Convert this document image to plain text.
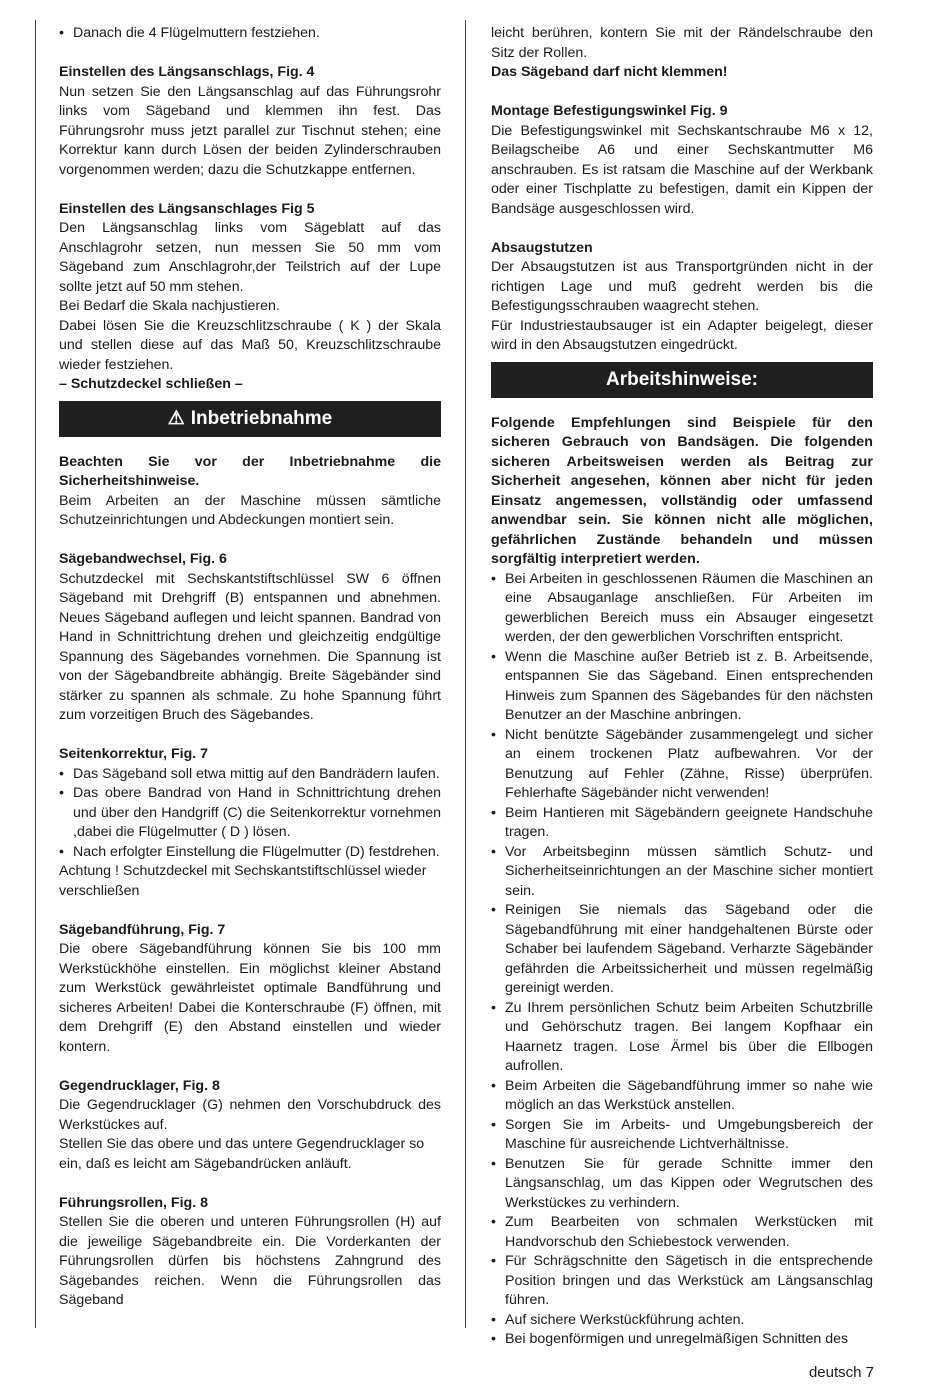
• Danach die 4 Flügelmuttern festziehen.

Einstellen des Längsanschlags, Fig. 4

Nun setzen Sie den Längsanschlag auf das Führungsrohr links vom Sägeband und klemmen ihn fest. Das Führungsrohr muss jetzt parallel zur Tischnut stehen; eine Korrektur kann durch Lösen der beiden Zylinderschrauben vorgenommen werden; dazu die Schutzkappe entfernen.

Einstellen des Längsanschlages Fig 5

Den Längsanschlag links vom Sägeblatt auf das Anschlagrohr setzen, nun messen Sie 50 mm vom Sägeband zum Anschlagrohr,der Teilstrich auf der Lupe sollte jetzt auf 50 mm stehen.

Bei Bedarf die Skala nachjustieren.

Dabei lösen Sie die Kreuzschlitzschraube ( K ) der Skala und stellen diese auf das Maß 50, Kreuzschlitzschraube wieder festziehen.

– Schutzdeckel schließen –

⚠ Inbetriebnahme

Beachten Sie vor der Inbetriebnahme die Sicherheitshinweise.

Beim Arbeiten an der Maschine müssen sämtliche Schutzeinrichtungen und Abdeckungen montiert sein.

Sägebandwechsel, Fig. 6

Schutzdeckel mit Sechskantstiftschlüssel SW 6 öffnen Sägeband mit Drehgriff (B) entspannen und abnehmen. Neues Sägeband auflegen und leicht spannen. Bandrad von Hand in Schnittrichtung drehen und gleichzeitig endgültige Spannung des Sägebandes vornehmen. Die Spannung ist von der Sägebandbreite abhängig. Breite Sägebänder sind stärker zu spannen als schmale. Zu hohe Spannung führt zum vorzeitigen Bruch des Sägebandes.

Seitenkorrektur, Fig. 7

• Das Sägeband soll etwa mittig auf den Bandrädern laufen.
• Das obere Bandrad von Hand in Schnittrichtung drehen und über den Handgriff (C) die Seitenkorrektur vornehmen ,dabei die Flügelmutter ( D ) lösen.
• Nach erfolgter Einstellung die Flügelmutter (D) festdrehen.

Achtung ! Schutzdeckel mit Sechskantstiftschlüssel wieder verschließen

Sägebandführung, Fig. 7

Die obere Sägebandführung können Sie bis 100 mm Werkstückhöhe einstellen. Ein möglichst kleiner Abstand zum Werkstück gewährleistet optimale Bandführung und sicheres Arbeiten! Dabei die Konterschraube (F) öffnen, mit dem Drehgriff (E) den Abstand einstellen und wieder kontern.

Gegendrucklager, Fig. 8

Die Gegendrucklager (G) nehmen den Vorschubdruck des Werkstückes auf.

Stellen Sie das obere und das untere Gegendrucklager so ein, daß es leicht am Sägebandrücken anläuft.

Führungsrollen, Fig. 8

Stellen Sie die oberen und unteren Führungsrollen (H) auf die jeweilige Sägebandbreite ein. Die Vorderkanten der Führungsrollen dürfen bis höchstens Zahngrund des Sägebandes reichen. Wenn die Führungsrollen das Sägeband

leicht berühren, kontern Sie mit der Rändelschraube den Sitz der Rollen.

Das Sägeband darf nicht klemmen!

Montage Befestigungswinkel Fig. 9

Die Befestigungswinkel mit Sechskantschraube M6 x 12, Beilagscheibe A6 und einer Sechskantmutter M6 anschrauben. Es ist ratsam die Maschine auf der Werkbank oder einer Tischplatte zu befestigen, damit ein Kippen der Bandsäge ausgeschlossen wird.

Absaugstutzen

Der Absaugstutzen ist aus Transportgründen nicht in der richtigen Lage und muß gedreht werden bis die Befestigungsschrauben waagrecht stehen.

Für Industriestaubsauger ist ein Adapter beigelegt, dieser wird in den Absaugstutzen eingedrückt.

Arbeitshinweise:

Folgende Empfehlungen sind Beispiele für den sicheren Gebrauch von Bandsägen. Die folgenden sicheren Arbeitsweisen werden als Beitrag zur Sicherheit angesehen, können aber nicht für jeden Einsatz angemessen, vollständig oder umfassend anwendbar sein. Sie können nicht alle möglichen, gefährlichen Zustände behandeln und müssen sorgfältig interpretiert werden.

• Bei Arbeiten in geschlossenen Räumen die Maschinen an eine Absauganlage anschließen. Für Arbeiten im gewerblichen Bereich muss ein Absauger eingesetzt werden, der den gewerblichen Vorschriften entspricht.
• Wenn die Maschine außer Betrieb ist z. B. Arbeitsende, entspannen Sie das Sägeband. Einen entsprechenden Hinweis zum Spannen des Sägebandes für den nächsten Benutzer an der Maschine anbringen.
• Nicht benützte Sägebänder zusammengelegt und sicher an einem trockenen Platz aufbewahren. Vor der Benutzung auf Fehler (Zähne, Risse) überprüfen. Fehlerhafte Sägebänder nicht verwenden!
• Beim Hantieren mit Sägebändern geeignete Handschuhe tragen.
• Vor Arbeitsbeginn müssen sämtlich Schutz- und Sicherheitseinrichtungen an der Maschine sicher montiert sein.
• Reinigen Sie niemals das Sägeband oder die Sägebandführung mit einer handgehaltenen Bürste oder Schaber bei laufendem Sägeband. Verharzte Sägebänder gefährden die Arbeitssicherheit und müssen regelmäßig gereinigt werden.
• Zu Ihrem persönlichen Schutz beim Arbeiten Schutzbrille und Gehörschutz tragen. Bei langem Kopfhaar ein Haarnetz tragen. Lose Ärmel bis über die Ellbogen aufrollen.
• Beim Arbeiten die Sägebandführung immer so nahe wie möglich an das Werkstück anstellen.
• Sorgen Sie im Arbeits- und Umgebungsbereich der Maschine für ausreichende Lichtverhältnisse.
• Benutzen Sie für gerade Schnitte immer den Längsanschlag, um das Kippen oder Wegrutschen des Werkstückes zu verhindern.
• Zum Bearbeiten von schmalen Werkstücken mit Handvorschub den Schiebestock verwenden.
• Für Schrägschnitte den Sägetisch in die entsprechende Position bringen und das Werkstück am Längsanschlag führen.
• Auf sichere Werkstückführung achten.
• Bei bogenförmigen und unregelmäßigen Schnitten des
deutsch 7
